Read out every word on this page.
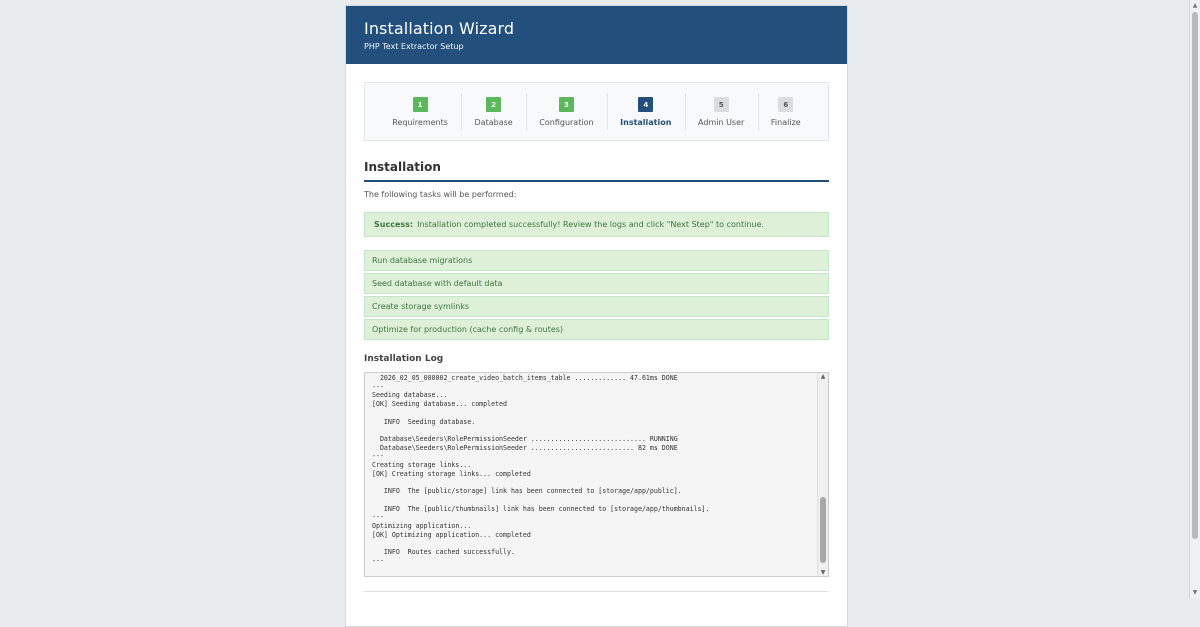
Installation Wizard
PHP Text Extractor Setup
1
Requirements
2
Database
3
Configuration
4
Installation
5
Admin User
6
Finalize
Installation
The following tasks will be performed:
Success: Installation completed successfully! Review the logs and click "Next Step" to continue.
Run database migrations
Seed database with default data
Create storage symlinks
Optimize for production (cache config & routes)
Installation Log
2026_02_05_000002_create_video_batch_items_table ............. 47.61ms DONE
---
Seeding database...
[OK] Seeding database... completed

INFO  Seeding database.

Database\Seeders\RolePermissionSeeder ............................. RUNNING
Database\Seeders\RolePermissionSeeder .......................... 82 ms DONE
---
Creating storage links...
[OK] Creating storage links... completed

INFO  The [public/storage] link has been connected to [storage/app/public].

INFO  The [public/thumbnails] link has been connected to [storage/app/thumbnails].
---
Optimizing application...
[OK] Optimizing application... completed

INFO  Routes cached successfully.
---
▲
▼
▲
▼
